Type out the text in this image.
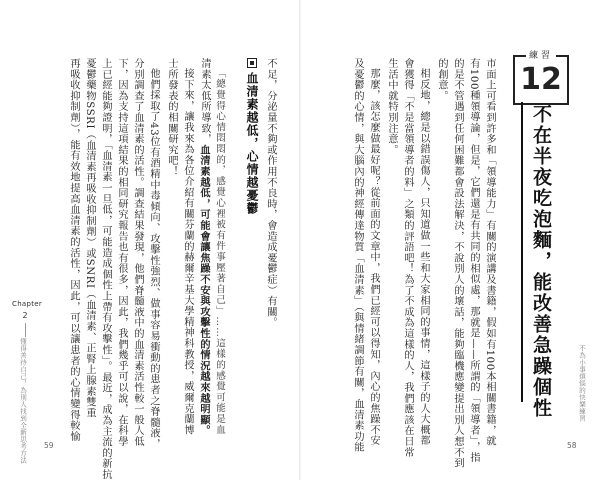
不足，分泌量不夠或作用不良時，會造成憂鬱症）有關。
血清素越低，心情越憂鬱
「總覺得心情悶悶的，感覺心裡被有件事壓著自己」……這樣的感覺可能是血
清素太低所導致，血清素越低，可能會讓焦躁不安與攻擊性的情況越來越明顯。
接下來，讓我來為各位介紹有關芬蘭的赫爾辛基大學精神科教授，威爾克蘭博
士所發表的相關研究吧！
他們採取了43位有酒精中毒傾向、攻擊性強烈、做事容易衝動的患者之脊髓液，
分別調查了血清素的活性。調查結果發現，他們脊髓液中的血清素活性較一般人低
下，因為支持這項結果的相同研究報告也有很多，因此，我們幾乎可以說，在科學
上已經能夠證明，「血清素一旦低，可能造成個性上帶有攻擊性」。最近，成為主流的新抗
憂鬱藥物SSRI（血清素再吸收抑制劑）或SNRI（血清素、正腎上腺素雙重
再吸收抑制劑），能有效地提高血清素的活性，因此，可以讓患者的心情變得較愉
Chapter
2
懂得善待自己，為別人找到全新思考方法 59	市面上可看到許多和「領導能力」有關的演講及書籍，假如有100本相關書籍，就
有100種領導論，但是，它們還是有共同的相似處，那就是——所謂的「領導者」，指
的是不管遇到任何困難都會設法解決，不說別人的壞話，能夠臨機應變提出別人想不到
的創意。
相反地，總是以錯誤傷人，只知道做一些和大家相同的事情，這樣子的人大概都
會獲得「不是當領導者的料」之類的評語吧！為了不成為這樣的人，我們應該在日常
生活中就特別注意。
那麼，該怎麼做最好呢？從前面的文章中，我們已經可以得知，內心的焦躁不安
及憂鬱的心情，與大腦內的神經傳達物質「血清素」（與情緒調節有關，血清素功能
練習
12
不在半夜吃泡麵，能改善急躁個性	不為小事煩惱的快樂練習
58
